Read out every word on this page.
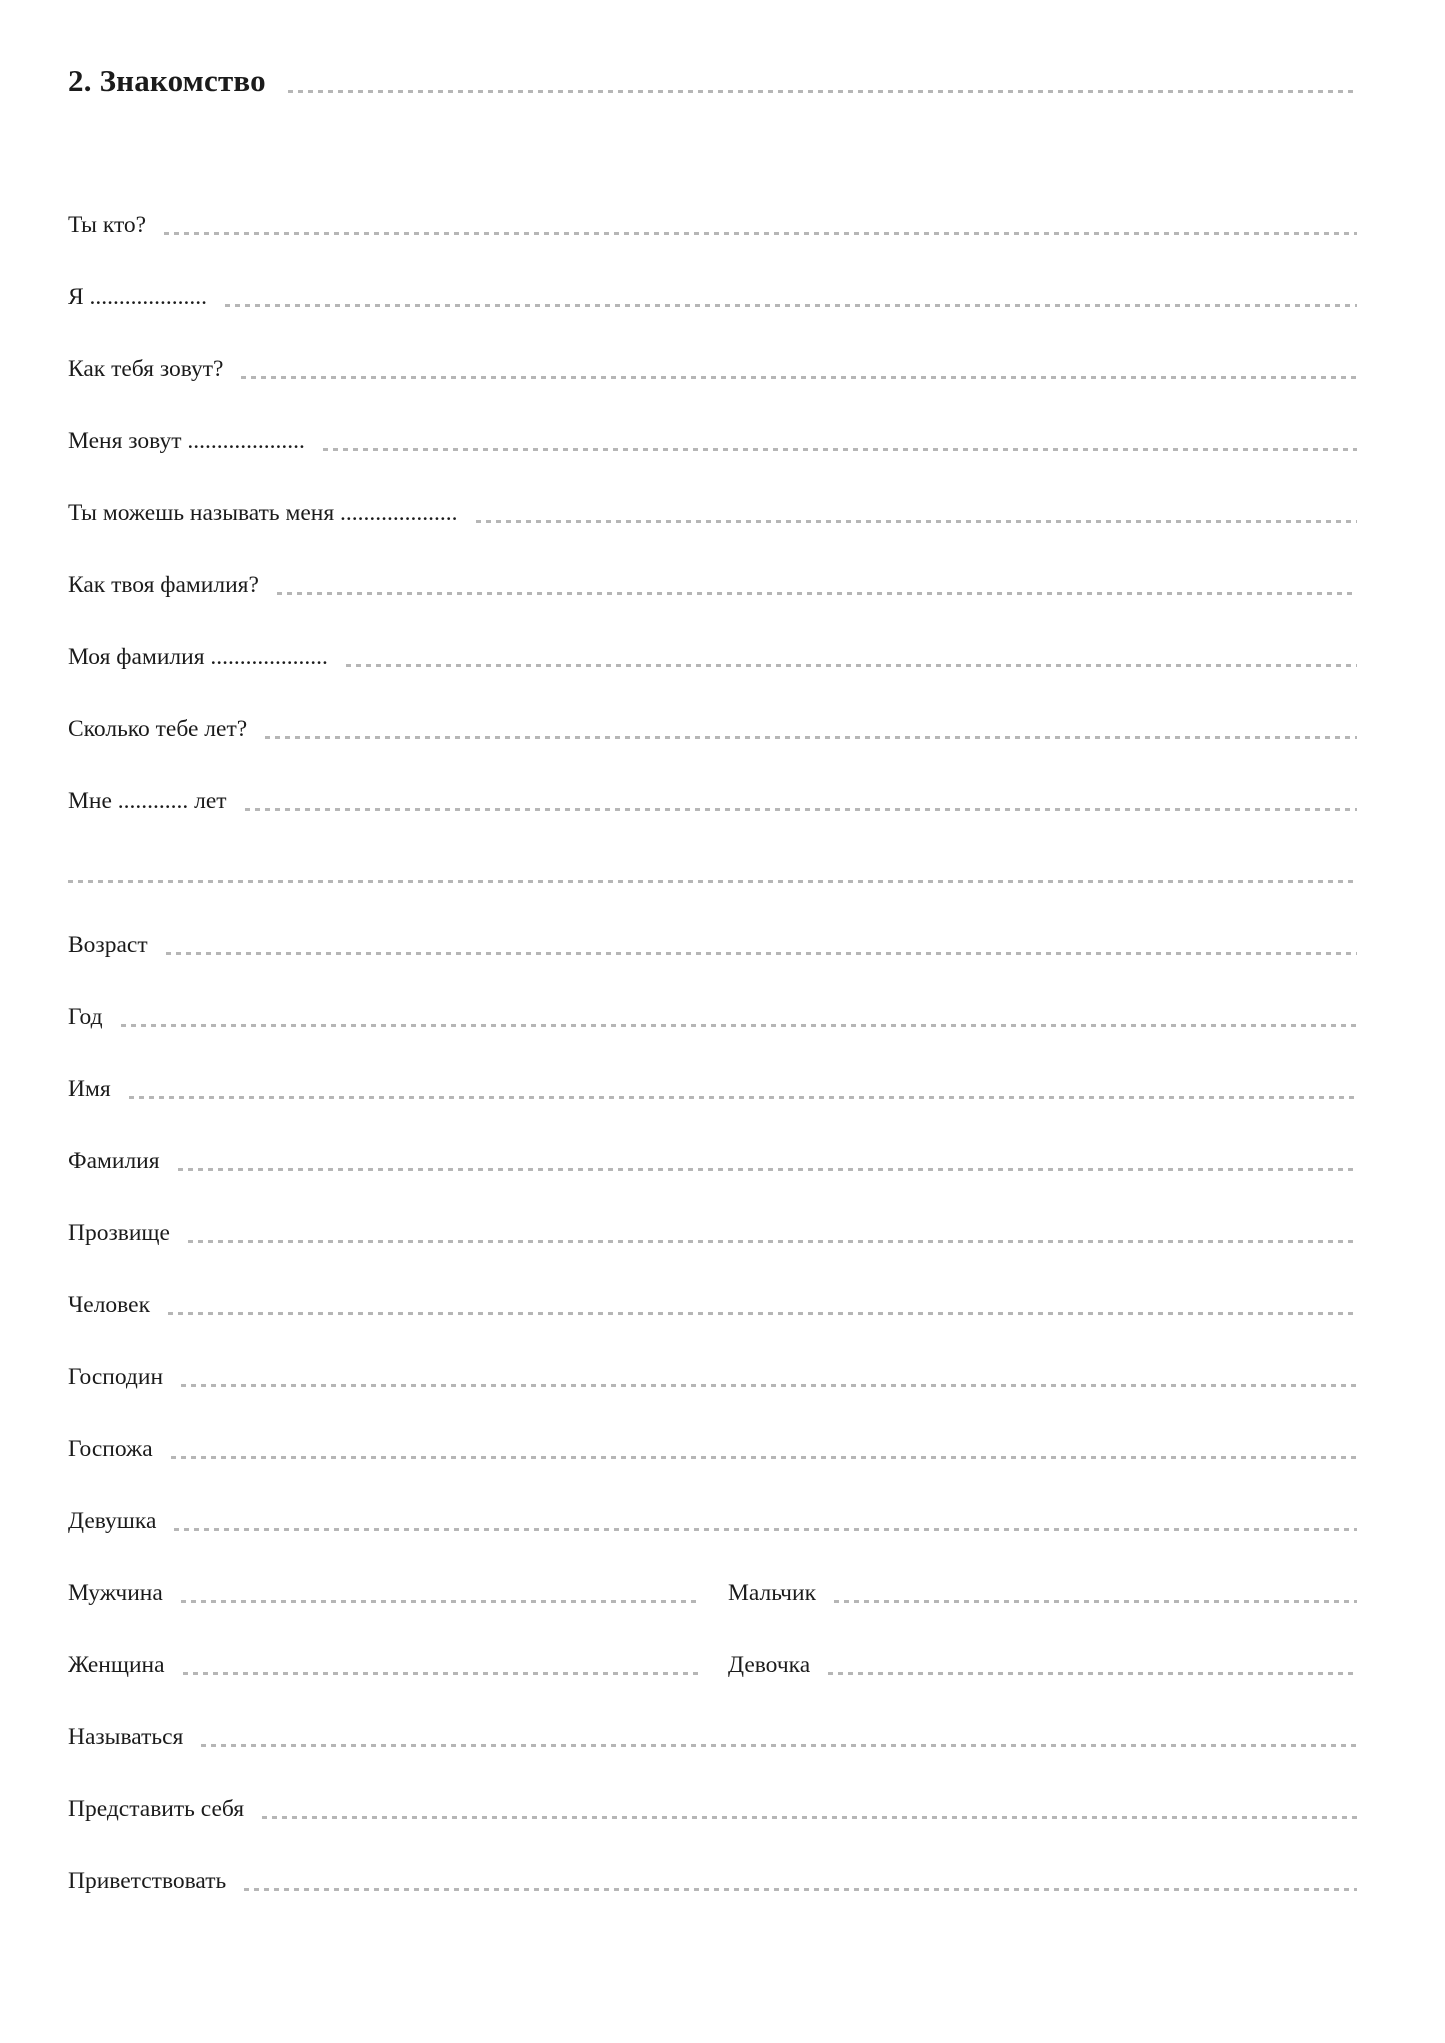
2. Знакомство
Ты кто?
Я ....................
Как тебя зовут?
Меня зовут ....................
Ты можешь называть меня ....................
Как твоя фамилия?
Моя фамилия ....................
Сколько тебе лет?
Мне ............ лет
Возраст
Год
Имя
Фамилия
Прозвище
Человек
Господин
Госпожа
Девушка
Мужчина	Мальчик
Женщина	Девочка
Называться
Представить себя
Приветствовать
